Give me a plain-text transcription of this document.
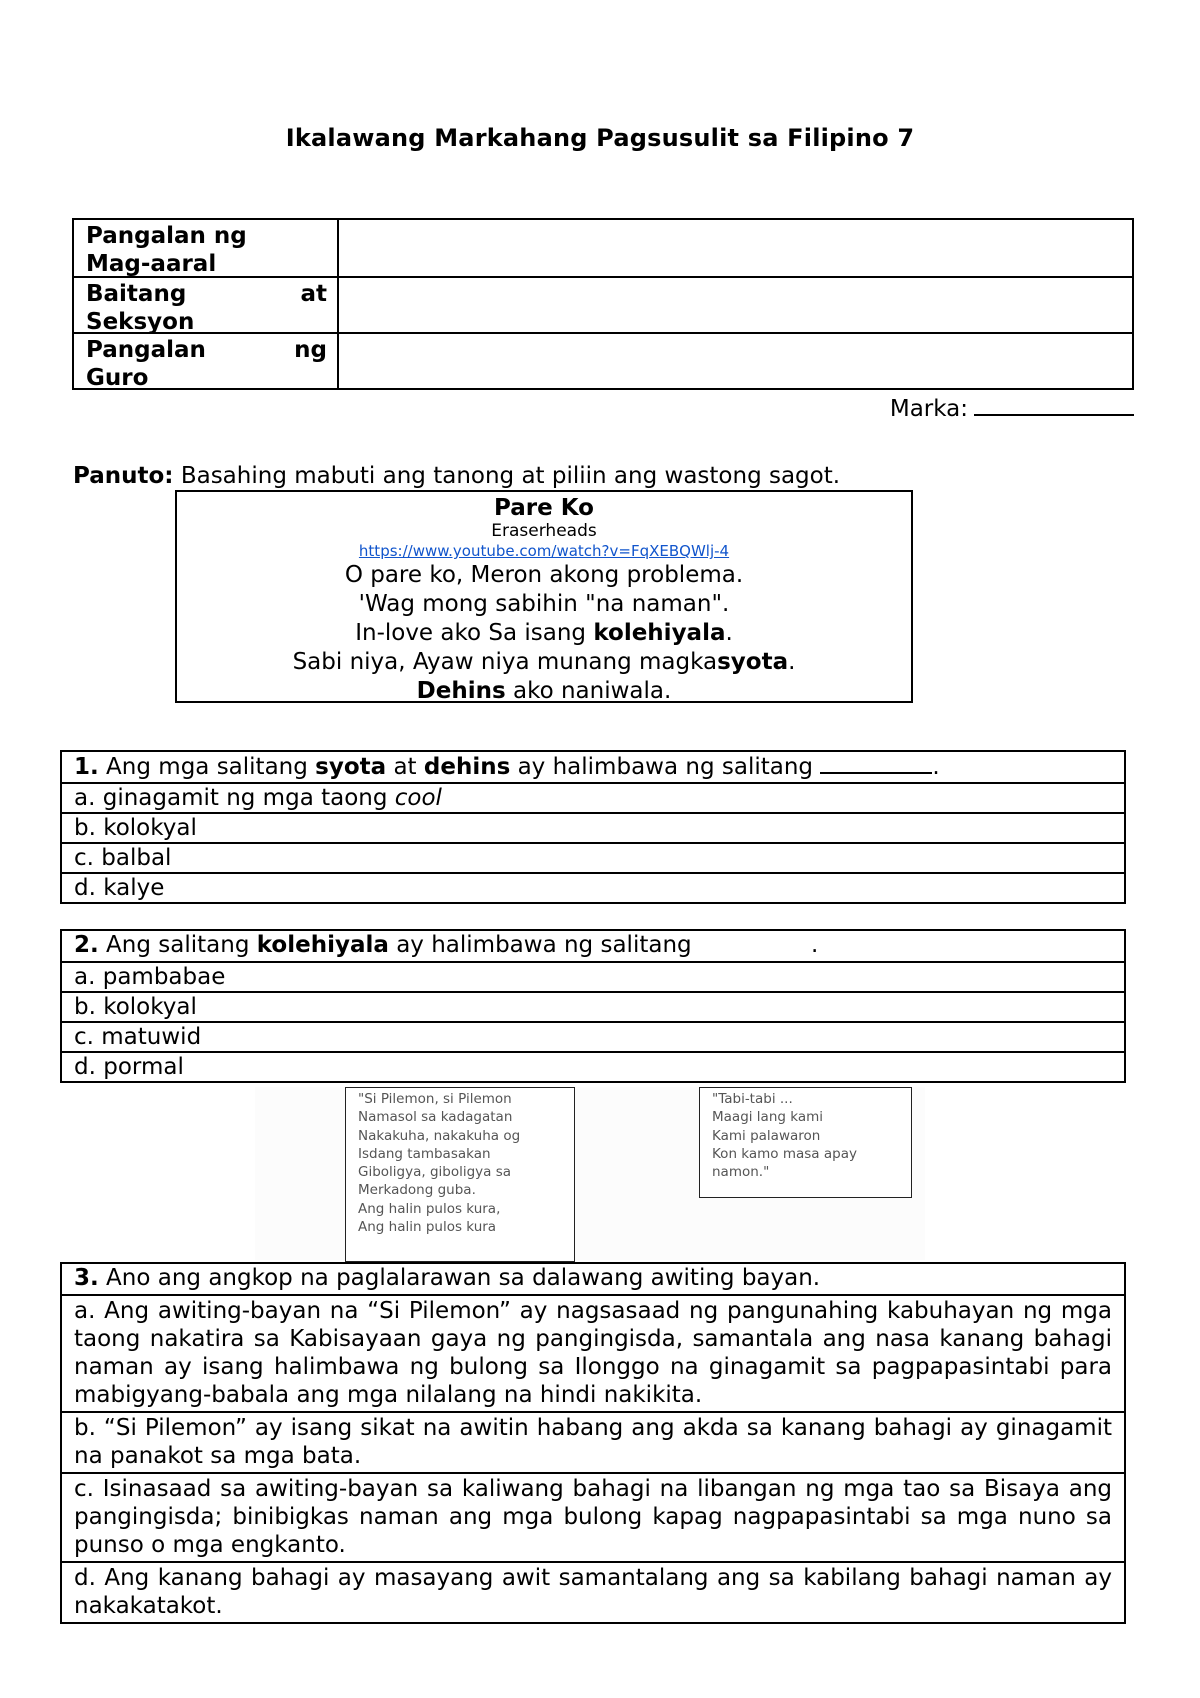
Ikalawang Markahang Pagsusulit sa Filipino 7
Pangalan ng
Mag-aaral
Baitang	at
Seksyon
Pangalan	ng
Guro
Marka:
Panuto: Basahing mabuti ang tanong at piliin ang wastong sagot.
Pare Ko
Eraserheads
https://www.youtube.com/watch?v=FqXEBQWlj-4
O pare ko, Meron akong problema.
'Wag mong sabihin "na naman".
In-love ako Sa isang kolehiyala.
Sabi niya, Ayaw niya munang magkasyota.
Dehins ako naniwala.
1. Ang mga salitang syota at dehins ay halimbawa ng salitang	.
a. ginagamit ng mga taong cool
b. kolokyal
c. balbal
d. kalye
2. Ang salitang kolehiyala ay halimbawa ng salitang	.
a. pambabae
b. kolokyal
c. matuwid
d. pormal
"Si Pilemon, si Pilemon
Namasol sa kadagatan
Nakakuha, nakakuha og
Isdang tambasakan
Giboligya, giboligya sa
Merkadong guba.
Ang halin pulos kura,
Ang halin pulos kura
"Tabi-tabi ...
Maagi lang kami
Kami palawaron
Kon kamo masa apay
namon."
3. Ano ang angkop na paglalarawan sa dalawang awiting bayan.

a. Ang awiting-bayan na “Si Pilemon” ay nagsasaad ng pangunahing kabuhayan ng mga taong nakatira sa Kabisayaan gaya ng pangingisda, samantala ang nasa kanang bahagi naman ay isang halimbawa ng bulong sa Ilonggo na ginagamit sa pagpapasintabi para mabigyang-babala ang mga nilalang na hindi nakikita.

b. “Si Pilemon” ay isang sikat na awitin habang ang akda sa kanang bahagi ay ginagamit na panakot sa mga bata.

c. Isinasaad sa awiting-bayan sa kaliwang bahagi na libangan ng mga tao sa Bisaya ang pangingisda; binibigkas naman ang mga bulong kapag nagpapasintabi sa mga nuno sa punso o mga engkanto.

d. Ang kanang bahagi ay masayang awit samantalang ang sa kabilang bahagi naman ay nakakatakot.
